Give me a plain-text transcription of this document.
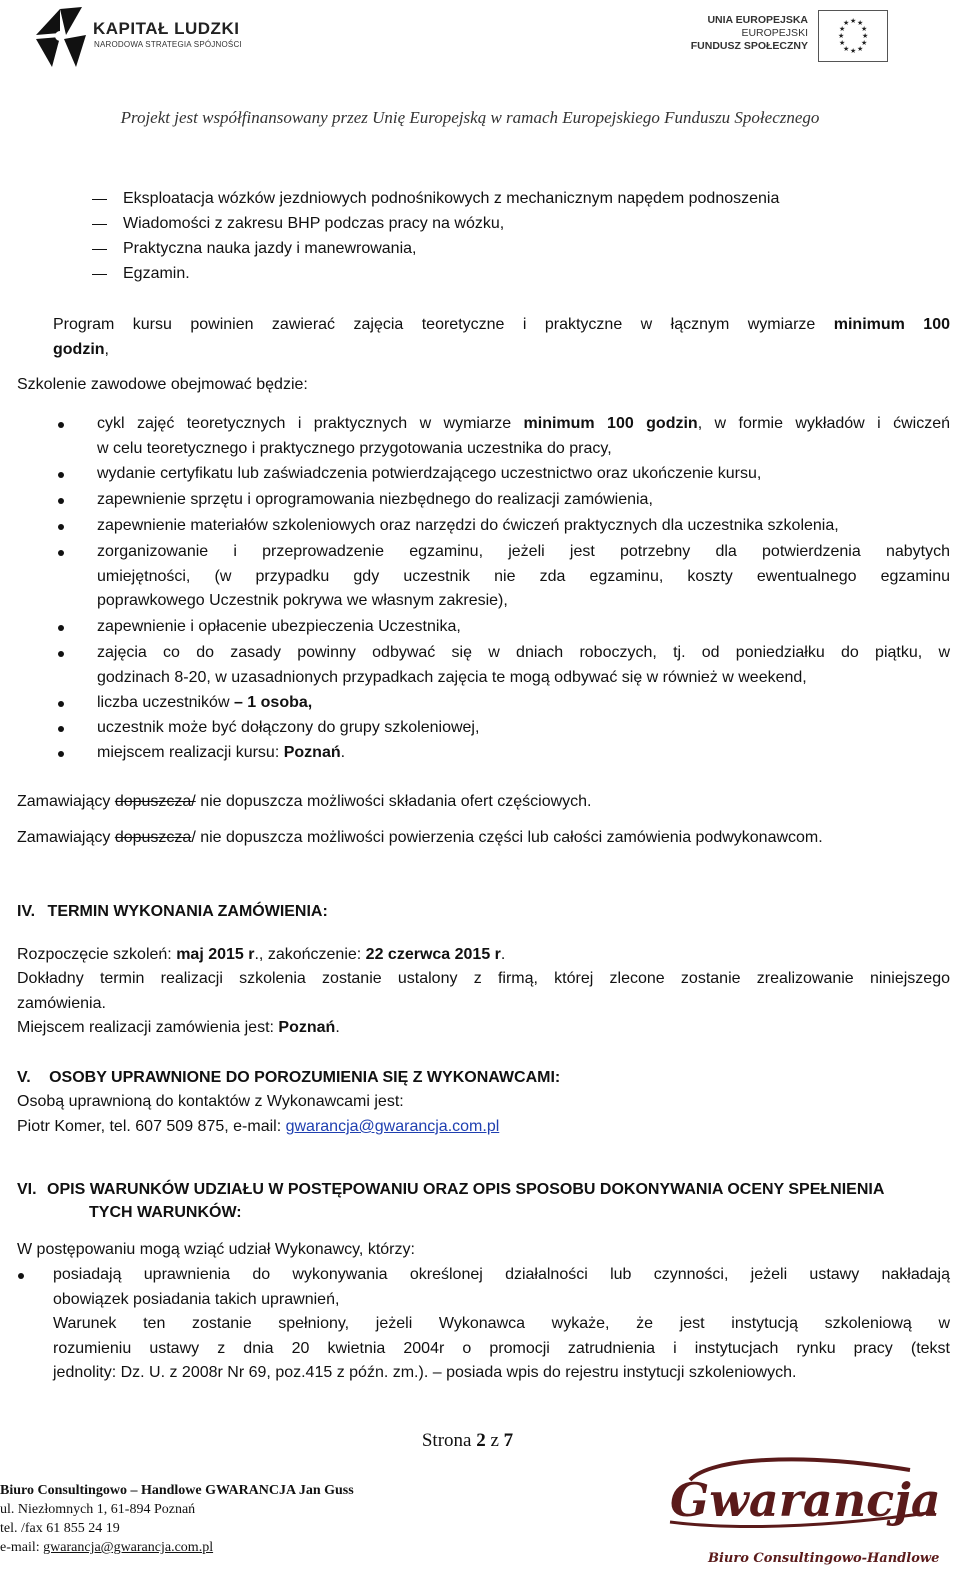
KAPITAŁ LUDZKI
NARODOWA STRATEGIA SPÓJNOŚCI
UNIA EUROPEJSKA
EUROPEJSKI
FUNDUSZ SPOŁECZNY
★ ★
★
★
★
★
★
★
★
★
★
★
Projekt jest współfinansowany przez Unię Europejską w ramach Europejskiego Funduszu Społecznego
Eksploatacja wózków jezdniowych podnośnikowych z mechanicznym napędem podnoszenia
Wiadomości z zakresu BHP podczas pracy na wózku,
Praktyczna nauka jazdy i manewrowania,
Egzamin.
Program kursu powinien zawierać zajęcia teoretyczne i praktyczne w łącznym wymiarze minimum 100
godzin,
Szkolenie zawodowe obejmować będzie:
cykl zajęć teoretycznych i praktycznych w wymiarze minimum 100 godzin, w formie wykładów i ćwiczeń
w celu teoretycznego i praktycznego przygotowania uczestnika do pracy,
wydanie certyfikatu lub zaświadczenia potwierdzającego uczestnictwo oraz ukończenie kursu,
zapewnienie sprzętu i oprogramowania niezbędnego do realizacji zamówienia,
zapewnienie materiałów szkoleniowych oraz narzędzi do ćwiczeń praktycznych dla uczestnika szkolenia,
zorganizowanie i przeprowadzenie egzaminu, jeżeli jest potrzebny dla potwierdzenia nabytych
umiejętności, (w przypadku gdy uczestnik nie zda egzaminu, koszty ewentualnego egzaminu
poprawkowego Uczestnik pokrywa we własnym zakresie),
zapewnienie i opłacenie ubezpieczenia Uczestnika,
zajęcia co do zasady powinny odbywać się w dniach roboczych, tj. od poniedziałku do piątku, w
godzinach 8-20, w uzasadnionych przypadkach zajęcia te mogą odbywać się w również w weekend,
liczba uczestników – 1 osoba,
uczestnik może być dołączony do grupy szkoleniowej,
miejscem realizacji kursu: Poznań.
Zamawiający dopuszcza/ nie dopuszcza możliwości składania ofert częściowych.
Zamawiający dopuszcza/ nie dopuszcza możliwości powierzenia części lub całości zamówienia podwykonawcom.
IV. TERMIN WYKONANIA ZAMÓWIENIA:
Rozpoczęcie szkoleń: maj 2015 r., zakończenie: 22 czerwca 2015 r.
Dokładny termin realizacji szkolenia zostanie ustalony z firmą, której zlecone zostanie zrealizowanie niniejszego
zamówienia.
Miejscem realizacji zamówienia jest: Poznań.
V. OSOBY UPRAWNIONE DO POROZUMIENIA SIĘ Z WYKONAWCAMI:
Osobą uprawnioną do kontaktów z Wykonawcami jest:
Piotr Komer, tel. 607 509 875, e-mail: gwarancja@gwarancja.com.pl
VI. OPIS WARUNKÓW UDZIAŁU W POSTĘPOWANIU ORAZ OPIS SPOSOBU DOKONYWANIA OCENY SPEŁNIENIA
TYCH WARUNKÓW:
W postępowaniu mogą wziąć udział Wykonawcy, którzy:
posiadają uprawnienia do wykonywania określonej działalności lub czynności, jeżeli ustawy nakładają
obowiązek posiadania takich uprawnień,
Warunek ten zostanie spełniony, jeżeli Wykonawca wykaże, że jest instytucją szkoleniową w
rozumieniu ustawy z dnia 20 kwietnia 2004r o promocji zatrudnienia i instytucjach rynku pracy (tekst
jednolity: Dz. U. z 2008r Nr 69, poz.415 z późn. zm.). – posiada wpis do rejestru instytucji szkoleniowych.
Strona 2 z 7
Biuro Consultingowo – Handlowe GWARANCJA Jan Guss
ul. Niezłomnych 1, 61-894 Poznań
tel. /fax 61 855 24 19
e-mail: gwarancja@gwarancja.com.pl
Gwarancja
Biuro Consultingowo-Handlowe
